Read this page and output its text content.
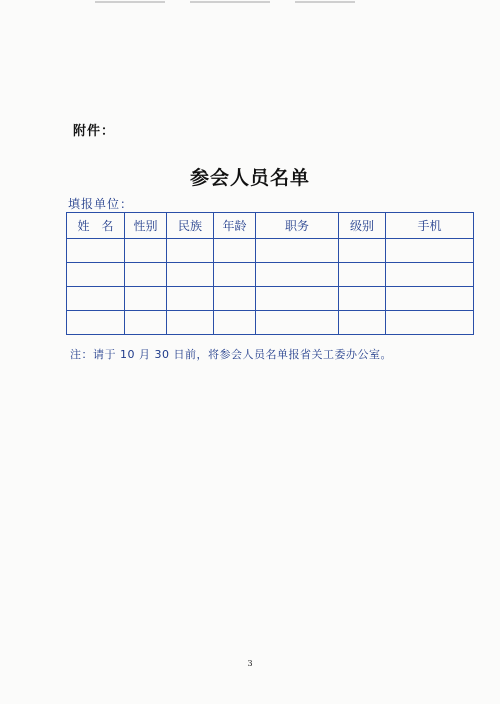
附件：
参会人员名单
填报单位：
姓　名	性别	民族	年龄	职务	级别	手机

注：请于 10 月 30 日前，将参会人员名单报省关工委办公室。
3
